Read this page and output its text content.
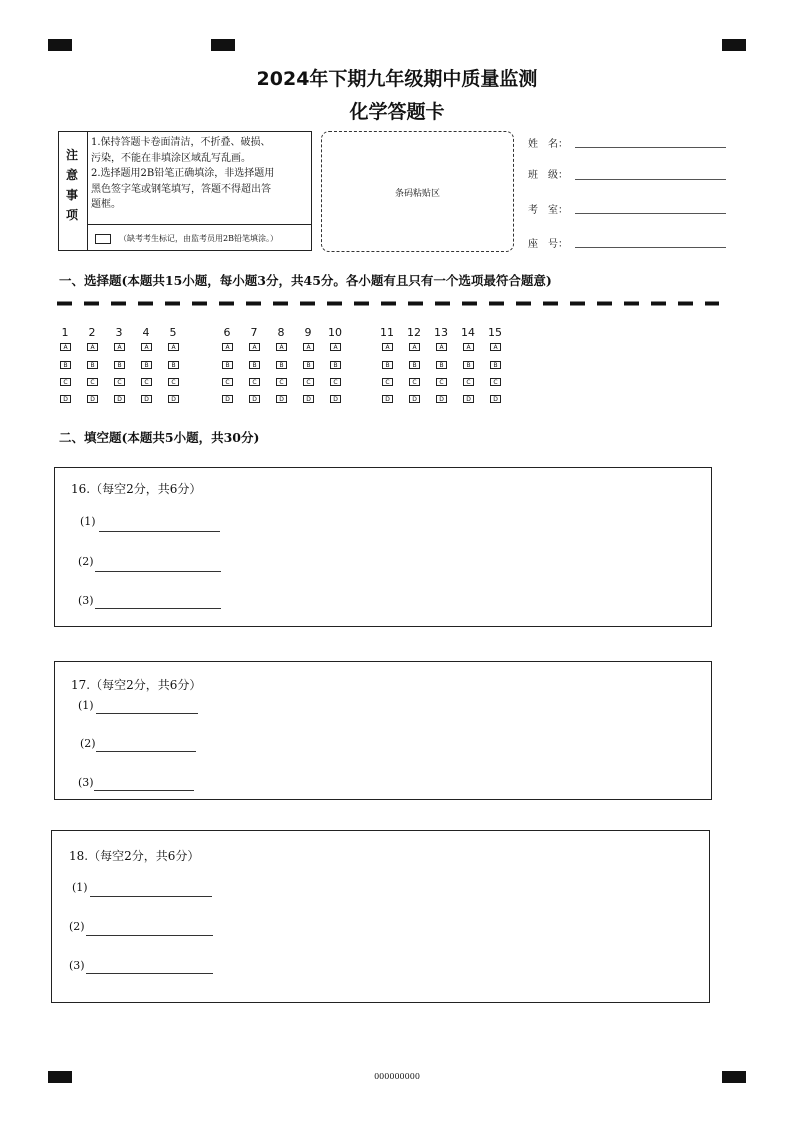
2024年下期九年级期中质量监测
化学答题卡
注
意
事
项
1.保持答题卡卷面清洁，不折叠、破损、
污染，不能在非填涂区域乱写乱画。
2.选择题用2B铅笔正确填涂，非选择题用
黑色签字笔或钢笔填写，答题不得超出答
题框。
（缺考考生标记，由监考员用2B铅笔填涂。）
条码粘贴区
姓　名：
班　级：
考　室：
座　号：
一、选择题(本题共15小题，每小题3分，共45分。各小题有且只有一个选项最符合题意)
1
A
B
C
D
2
A
B
C
D
3
A
B
C
D
4
A
B
C
D
5
A
B
C
D
6
A
B
C
D
7
A
B
C
D
8
A
B
C
D
9
A
B
C
D
10
A
B
C
D
11
A
B
C
D
12
A
B
C
D
13
A
B
C
D
14
A
B
C
D
15
A
B
C
D
二、填空题(本题共5小题，共30分)
16.（每空2分，共6分）
(1)
(2)
(3)
17.（每空2分，共6分）
(1)
(2)
(3)
18.（每空2分，共6分）
(1)
(2)
(3)
000000000
